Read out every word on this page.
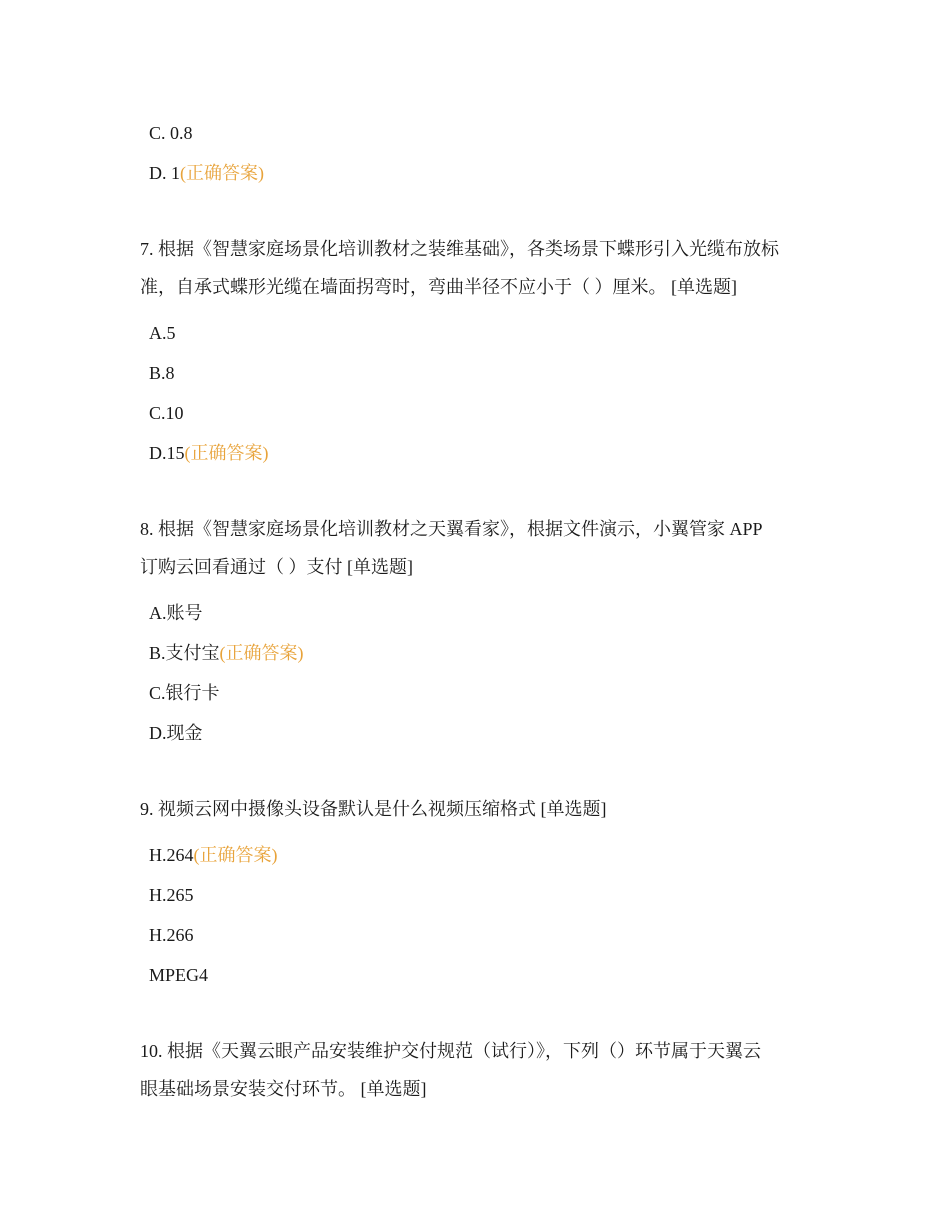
C. 0.8
D. 1(正确答案)
7. 根据《智慧家庭场景化培训教材之装维基础》，各类场景下蝶形引入光缆布放标
准，自承式蝶形光缆在墙面拐弯时，弯曲半径不应小于（ ）厘米。 [单选题]
A.5
B.8
C.10
D.15(正确答案)
8. 根据《智慧家庭场景化培训教材之天翼看家》，根据文件演示，小翼管家 APP
订购云回看通过（ ）支付 [单选题]
A.账号
B.支付宝(正确答案)
C.银行卡
D.现金
9. 视频云网中摄像头设备默认是什么视频压缩格式 [单选题]
H.264(正确答案)
H.265
H.266
MPEG4
10. 根据《天翼云眼产品安装维护交付规范（试行）》，下列（）环节属于天翼云
眼基础场景安装交付环节。 [单选题]
